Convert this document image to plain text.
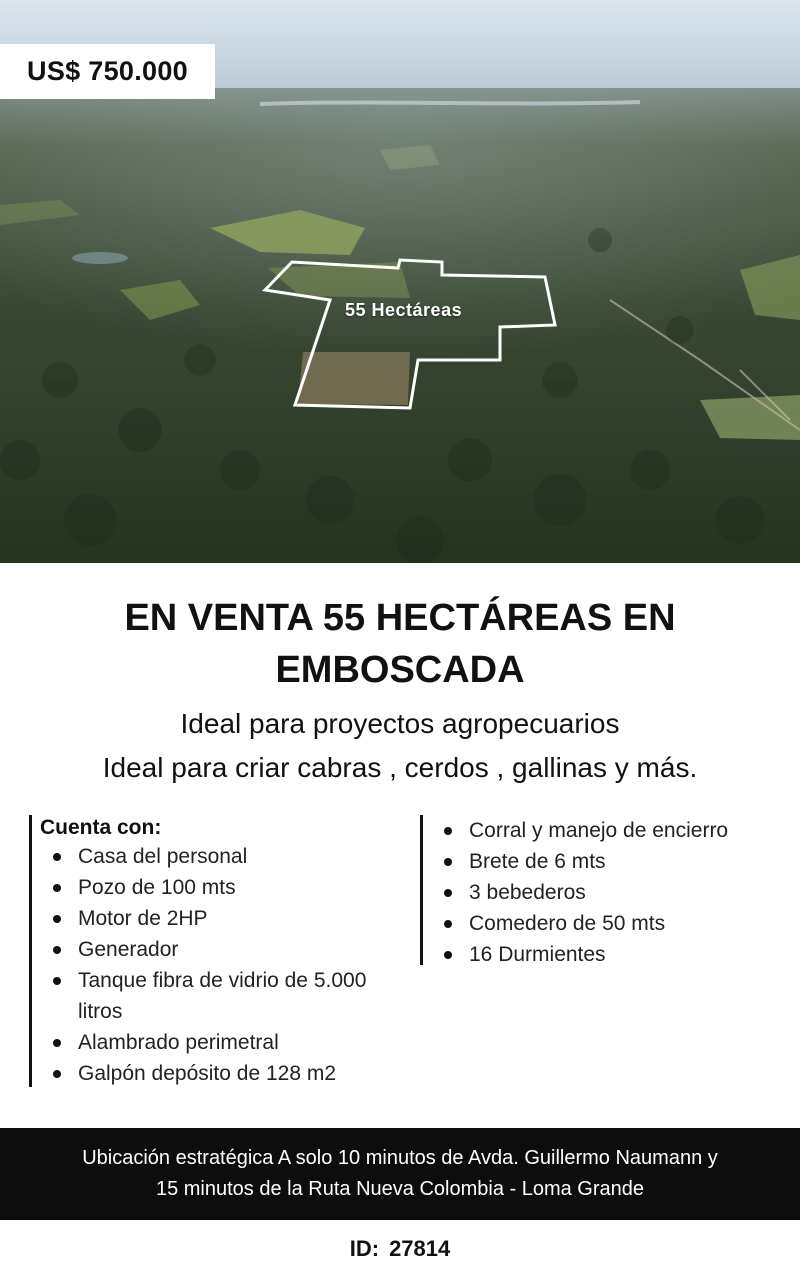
US$ 750.000
55 Hectáreas
EN VENTA 55 HECTÁREAS EN
EMBOSCADA
Ideal para proyectos agropecuarios
Ideal para criar cabras , cerdos , gallinas y más.
Cuenta con:
Casa del personal
Pozo de 100 mts
Motor de 2HP
Generador
Tanque fibra de vidrio de 5.000 litros
Alambrado perimetral
Galpón depósito de 128 m2
Corral y manejo de encierro
Brete de 6 mts
3 bebederos
Comedero de 50 mts
16 Durmientes
Ubicación estratégica A solo 10 minutos de Avda. Guillermo Naumann y
15 minutos de la Ruta Nueva Colombia - Loma Grande
ID: 27814
